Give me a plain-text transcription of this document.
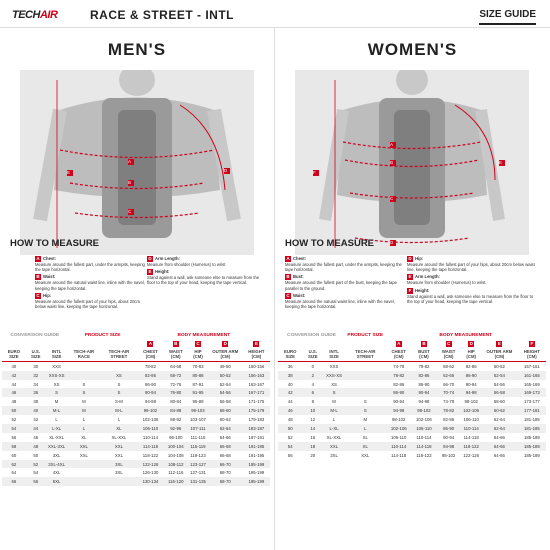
TECHAIR	RACE & STREET - INTL	SIZE GUIDE
MEN'S
A
B
C
D
E
HOW TO MEASURE
A Chest:
Measure around the fullest part, under the armpits, keeping the tape horizontal.
B Waist:
Measure around the natural waist line, inline with the navel, keeping the tape horizontal.
C Hip:
Measure around the fullest part of your hips, about 20cm below waist line, keeping the tape horizontal.
D Arm Length:
Measure from shoulder (Humerus) to wrist
E Height:
Stand against a wall, ask someone else to measure from the floor to the top of your head, keeping the tape vertical.
CONVERSION GUIDE			PRODUCT SIZE		BODY MEASUREMENT				
					A	B	C	D	E
EURO SIZE	U.S. SIZE	INTL SIZE	TECH-AIR RACE	TECH-AIR STREET	CHEST (CM)	WAIST (CM)	HIP (CM)	OUTER ARM (CM)	HEIGHT (CM)
40	30	XXS			78-82	64-68	70-83	49-50	150-156
42	32	XXS-XS		XS	82-86	68-72	80-88	50-52	156-163
44	34	XS	S	S	86-90	72-76	87-91	52-54	163-167
46	36	S	S	S	90-94	76-80	91-95	54-56	167-171
48	38	M	M	S-M	94-98	80-84	95-99	56-58	171-175
50	40	M-L	M	M-L	98-102	84-88	99-103	58-60	175-179
52	42	L	L	L	102-106	88-92	103-107	60-62	179-183
54	44	L-XL	L	XL	106-110	92-96	107-111	62-64	183-187
56	46	XL-XXL	XL	XL-XXL	110-114	96-100	111-115	64-66	187-191
58	48	XXL-3XL	XXL	XXL	114-118	100-104	115-119	66-68	191-195
60	50	3XL	XXL	XXL	118-122	104-108	119-123	66-68	191-195
62	52	3XL-4XL		3XL	122-126	108-112	123-127	66-70	195-199
64	54	4XL		3XL	126-130	112-116	127-131	68-70	195-199
66	56	5XL			130-134	116-120	131-135	68-70	195-199
WOMEN'S
A
B
C
D
E
F
HOW TO MEASURE
A Chest:
Measure around the fullest part, under the armpits, keeping the tape horizontal.
B Bust:
Measure around the fullest part of the bust, keeping the tape parallel to the ground.
C Waist:
Measure around the natural waist line, inline with the navel, keeping the tape horizontal.
D Hip:
Measure around the fullest part of your hips, about 20cm below waist line, keeping the tape horizontal.
E Arm Length:
Measure from shoulder (Humerus) to wrist.
F Height:
Stand against a wall, ask someone else to measure from the floor to the top of your head, keeping the tape vertical.
CONVERSION GUIDE			PRODUCT SIZE	BODY MEASUREMENT					
				A	B	C	D	E	F
EURO SIZE	U.S. SIZE	INTL SIZE	TECH-AIR STREET	CHEST (CM)	BUST (CM)	WAIST (CM)	HIP (CM)	OUTER ARM (CM)	HEIGHT (CM)
36	0	XXS		74-78	78-82	58-62	82-86	50-52	157-161
38	2	XXS-XS		78-82	82-86	62-66	86-90	52-54	161-165
40	4	XS		82-86	86-90	66-70	90-94	54-56	165-169
42	6	S		86-90	90-94	70-74	94-98	56-58	169-173
44	8	M	S	90-94	94-98	74-78	98-102	58-60	173-177
46	10	M-L	S	94-98	98-102	78-82	102-106	60-62	177-181
48	12	L	M	98-102	102-106	82-86	106-110	62-64	181-185
50	14	L-XL	L	102-106	106-110	86-90	110-114	62-64	181-185
52	16	XL-XXL	XL	106-110	110-114	90-94	114-118	64-66	185-189
54	18	XXL	XL	110-114	114-118	94-98	118-122	64-66	185-189
56	20	3XL	XXL	114-118	118-122	98-102	122-126	64-66	185-189
